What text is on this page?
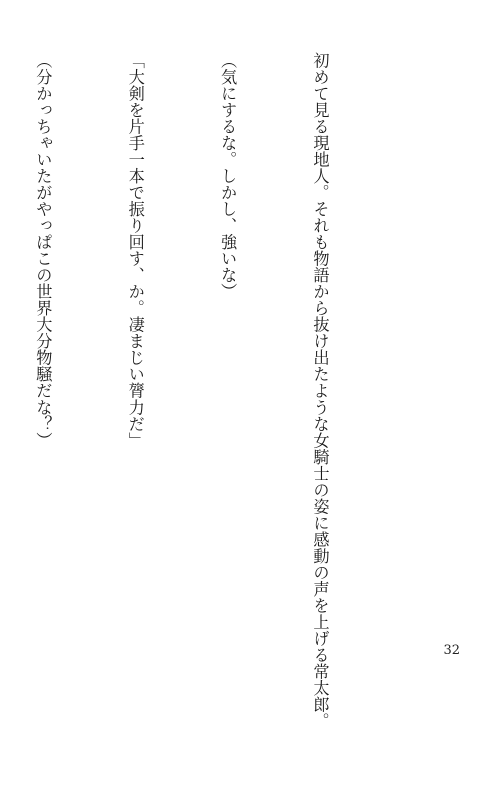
初めて見る現地人。それも物語から抜け出たような女騎士の姿に感動の声を上げる常太郎。

（気にするな。しかし、強いな）

「大剣を片手一本で振り回す、か。凄まじい膂力だ」

（分かっちゃいたがやっぱこの世界大分物騒だな？）

32
